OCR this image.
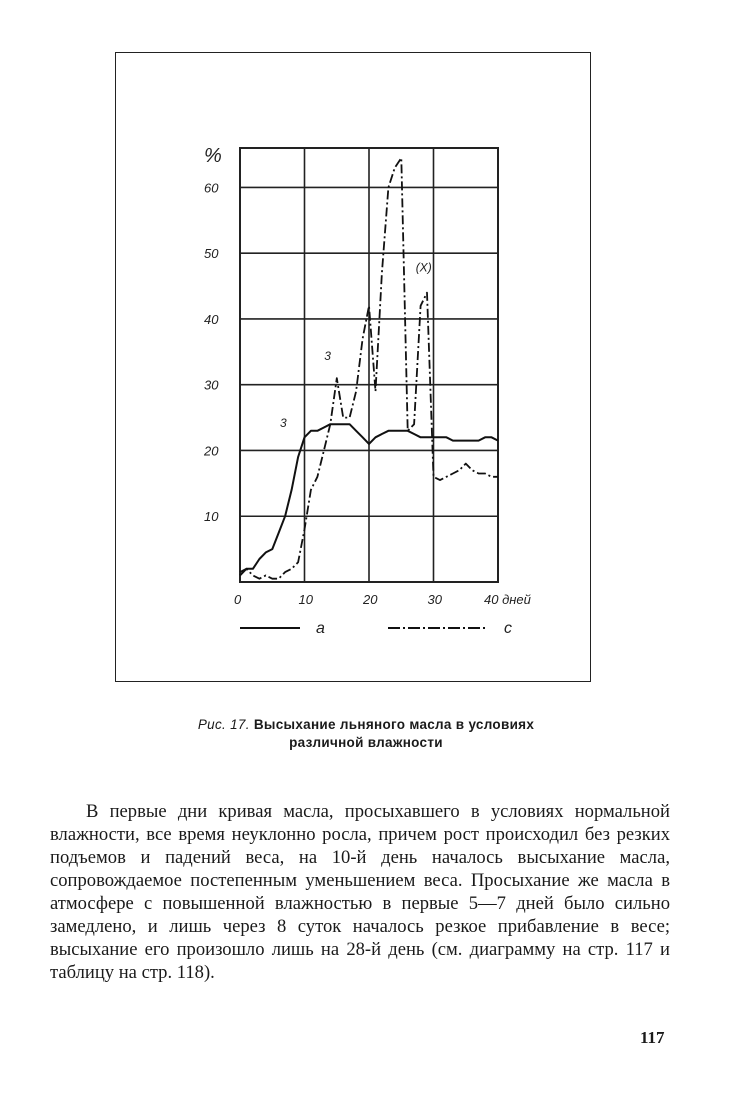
0	10	20	30	40 дней
10
20
30
40
50
60
%
3
3
(Х)
а	с
Рис. 17. Высыхание льняного масла в условиях
различной влажности

В первые дни кривая масла, просыхавшего в условиях нормальной влажности, все время неуклонно росла, причем рост происходил без резких подъемов и падений веса, на 10-й день началось высыхание масла, сопровождаемое постепенным уменьшением веса. Просыхание же масла в атмосфере с повышенной влажностью в первые 5—7 дней было сильно замедлено, и лишь через 8 суток началось резкое прибавление в весе; высыхание его произошло лишь на 28-й день (см. диаграмму на стр. 117 и таблицу на стр. 118).

117
